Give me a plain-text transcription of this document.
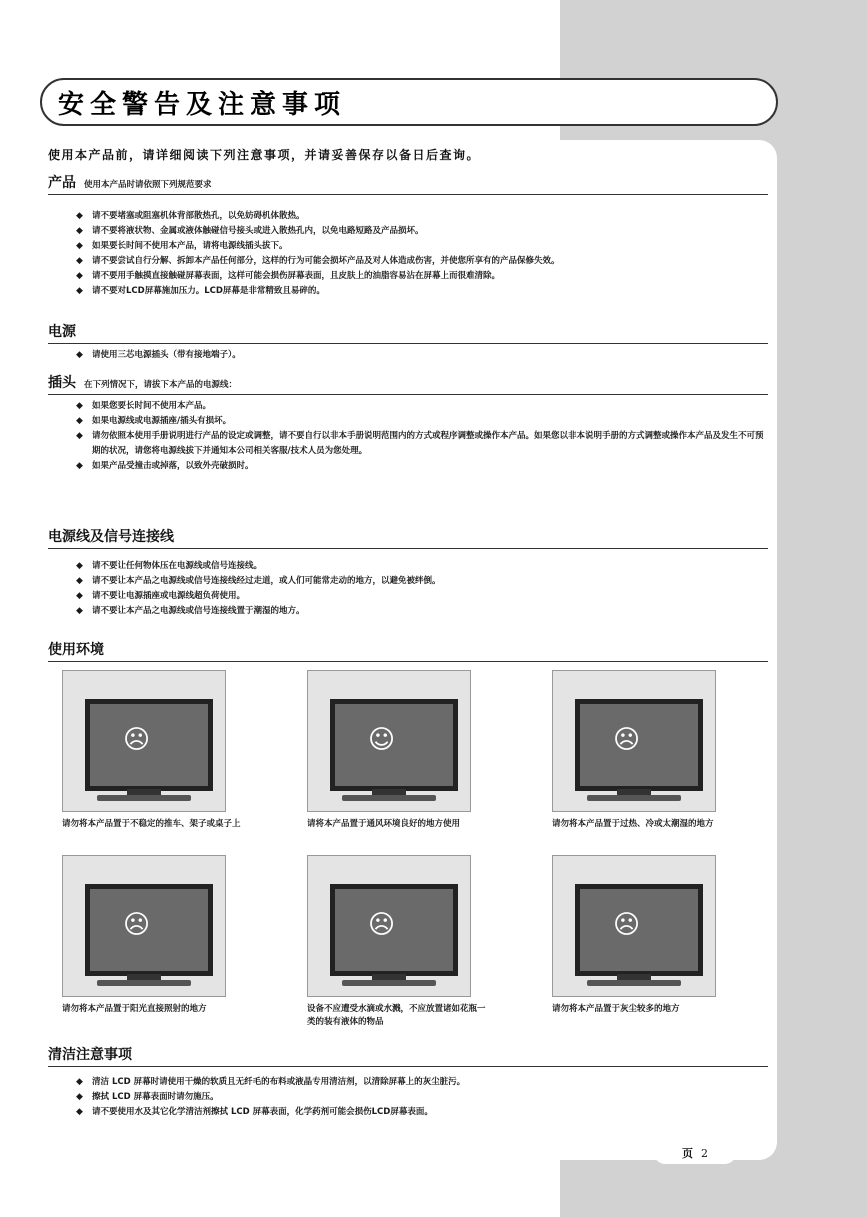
安全警告及注意事项
使用本产品前，请详细阅读下列注意事项，并请妥善保存以备日后查询。
产品 使用本产品时请依照下列规范要求
◆ 请不要堵塞或阻塞机体背部散热孔，以免妨碍机体散热。
◆ 请不要将液状物、金属或液体触碰信号接头或进入散热孔内，以免电路短路及产品损坏。
◆ 如果要长时间不使用本产品，请将电源线插头拔下。
◆ 请不要尝试自行分解、拆卸本产品任何部分，这样的行为可能会损坏产品及对人体造成伤害，并使您所享有的产品保修失效。
◆ 请不要用手触摸直接触碰屏幕表面，这样可能会损伤屏幕表面，且皮肤上的油脂容易沾在屏幕上而很难清除。
◆ 请不要对LCD屏幕施加压力。LCD屏幕是非常精致且易碎的。
电源
◆ 请使用三芯电源插头（带有接地端子）。
插头 在下列情况下，请拔下本产品的电源线：
◆ 如果您要长时间不使用本产品。
◆ 如果电源线或电源插座/插头有损坏。
◆ 请勿依照本使用手册说明进行产品的设定或调整，请不要自行以非本手册说明范围内的方式或程序调整或操作本产品。如果您以非本说明手册的方式调整或操作本产品及发生不可预期的状况，请您将电源线拔下并通知本公司相关客服/技术人员为您处理。
◆ 如果产品受撞击或掉落，以致外壳破损时。
电源线及信号连接线
◆ 请不要让任何物体压在电源线或信号连接线。
◆ 请不要让本产品之电源线或信号连接线经过走道，或人们可能常走动的地方，以避免被绊倒。
◆ 请不要让电源插座或电源线超负荷使用。
◆ 请不要让本产品之电源线或信号连接线置于潮湿的地方。
使用环境
☹	☺	☹
请勿将本产品置于不稳定的推车、架子或桌子上	请将本产品置于通风环境良好的地方使用	请勿将本产品置于过热、冷或太潮湿的地方
☹	☹	☹
请勿将本产品置于阳光直接照射的地方	设备不应遭受水滴或水溅，不应放置诸如花瓶一类的装有液体的物品
请勿将本产品置于灰尘较多的地方
清洁注意事项
◆ 清洁 LCD 屏幕时请使用干燥的软质且无纤毛的布料或液晶专用清洁剂，以清除屏幕上的灰尘脏污。
◆ 擦拭 LCD 屏幕表面时请勿施压。
◆ 请不要使用水及其它化学清洁剂擦拭 LCD 屏幕表面，化学药剂可能会损伤LCD屏幕表面。
页 2
